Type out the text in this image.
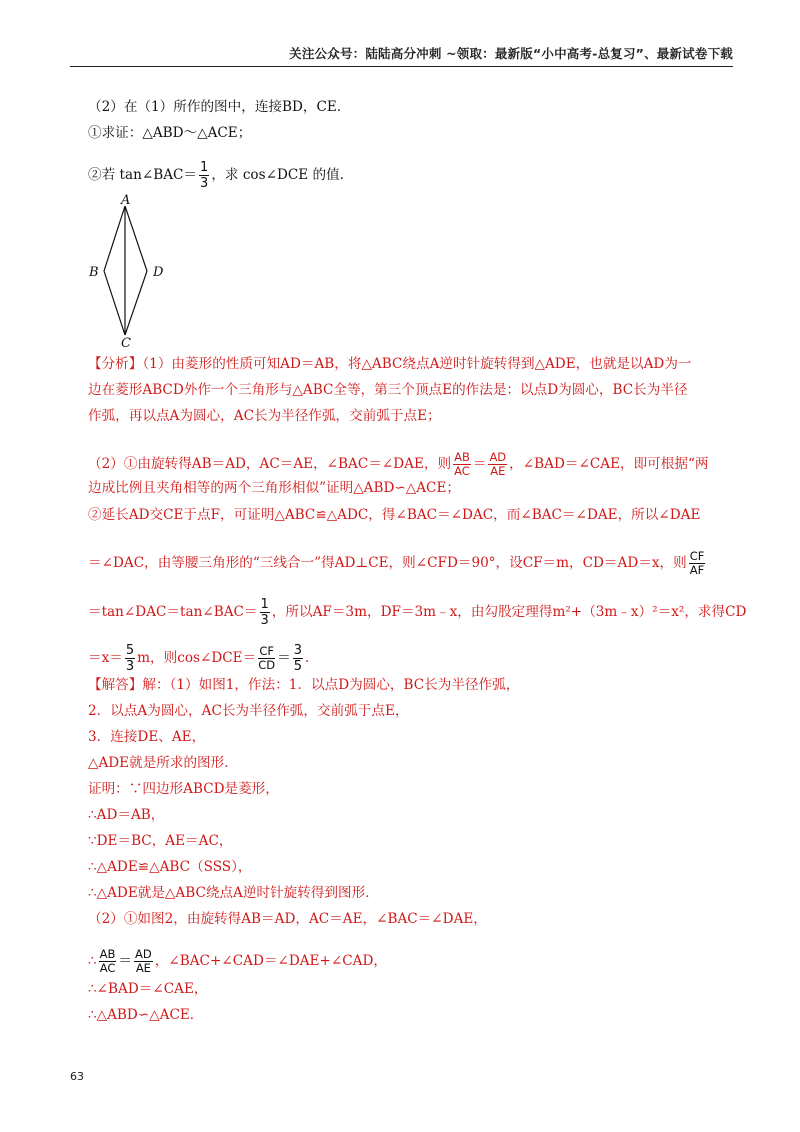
关注公众号：陆陆高分冲刺 ~领取：最新版“小中高考-总复习”、最新试卷下载
（2）在（1）所作的图中，连接BD，CE．
①求证：△ABD～△ACE；
②若 tan∠BAC＝ $\frac{1}{3}$ ，求 cos∠DCE 的值．
A
B
C
D
【分析】（1）由菱形的性质可知AD＝AB，将△ABC绕点A逆时针旋转得到△ADE，也就是以AD为一
边在菱形ABCD外作一个三角形与△ABC全等，第三个顶点E的作法是：以点D为圆心，BC长为半径
作弧，再以点A为圆心，AC长为半径作弧，交前弧于点E；
（2）①由旋转得AB＝AD，AC＝AE，∠BAC＝∠DAE，则 $\frac{AB}{AC} = \frac{AD}{AE}$ ，∠BAD＝∠CAE，即可根据“两
边成比例且夹角相等的两个三角形相似”证明△ABD∽△ACE；
②延长AD交CE于点F，可证明△ABC≌△ADC，得∠BAC＝∠DAC，而∠BAC＝∠DAE，所以∠DAE
＝∠DAC，由等腰三角形的“三线合一”得AD⊥CE，则∠CFD＝90°，设CF＝m，CD＝AD＝x，则 $\frac{CF}{AF}$
＝tan∠DAC＝tan∠BAC＝ $\frac{1}{3}$ ，所以AF＝3m，DF＝3m﹣x，由勾股定理得m²+（3m﹣x）²＝x²，求得CD
$=x= \frac{5}{3}$ m，则cos∠DCE＝ $\frac{CF}{CD} = \frac{3}{5}$ ．
【解答】解：（1）如图1，作法：1．以点D为圆心，BC长为半径作弧，
2．以点A为圆心，AC长为半径作弧，交前弧于点E，
3．连接DE、AE，
△ADE就是所求的图形．
证明：∵四边形ABCD是菱形，
∴AD＝AB，
∵DE＝BC，AE＝AC，
∴△ADE≌△ABC（SSS），
∴△ADE就是△ABC绕点A逆时针旋转得到图形．
（2）①如图2，由旋转得AB＝AD，AC＝AE，∠BAC＝∠DAE，
∴ $\frac{AB}{AC} = \frac{AD}{AE}$ ，∠BAC+∠CAD＝∠DAE+∠CAD，
∴∠BAD＝∠CAE，
∴△ABD∽△ACE．
63
